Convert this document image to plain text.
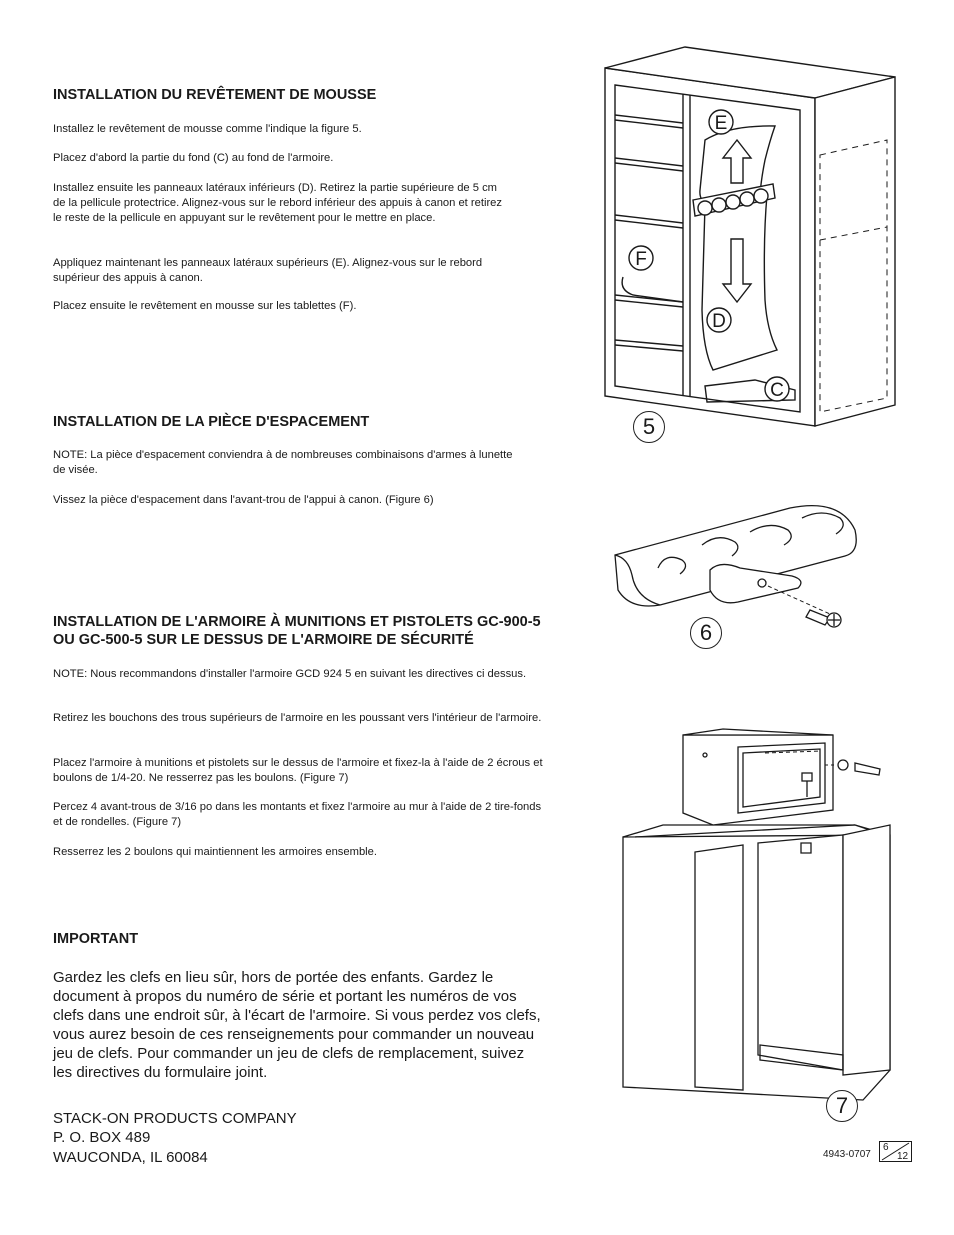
INSTALLATION DU REVÊTEMENT DE MOUSSE

Installez le revêtement de mousse comme l'indique la figure 5.

Placez d'abord la partie du fond (C) au fond de l'armoire.

Installez ensuite les panneaux latéraux inférieurs (D). Retirez la partie supérieure de 5 cm de la pellicule protectrice. Alignez-vous sur le rebord inférieur des appuis à canon et retirez le reste de la pellicule en appuyant sur le revêtement pour le mettre en place.

Appliquez maintenant les panneaux latéraux supérieurs (E). Alignez-vous sur le rebord supérieur des appuis à canon.

Placez ensuite le revêtement en mousse sur les tablettes (F).

INSTALLATION DE LA PIÈCE D'ESPACEMENT

NOTE: La pièce d'espacement conviendra à de nombreuses combinaisons d'armes à lunette de visée.

Vissez la pièce d'espacement dans l'avant-trou de l'appui à canon. (Figure 6)

INSTALLATION DE L'ARMOIRE À MUNITIONS ET PISTOLETS GC-900-5 OU GC-500-5 SUR LE DESSUS DE L'ARMOIRE DE SÉCURITÉ

NOTE: Nous recommandons d'installer l'armoire GCD 924 5 en suivant les directives ci dessus.

Retirez les bouchons des trous supérieurs de l'armoire en les poussant vers l'intérieur de l'armoire.

Placez l'armoire à munitions et pistolets sur le dessus de l'armoire et fixez-la à l'aide de 2 écrous et boulons de 1/4-20. Ne resserrez pas les boulons. (Figure 7)

Percez 4 avant-trous de 3/16 po dans les montants et fixez l'armoire au mur à l'aide de 2 tire-fonds et de rondelles. (Figure 7)

Resserrez les 2 boulons qui maintiennent les armoires ensemble.

IMPORTANT

Gardez les clefs en lieu sûr, hors de portée des enfants. Gardez le document à propos du numéro de série et portant les numéros de vos clefs dans une endroit sûr, à l'écart de l'armoire. Si vous perdez vos clefs, vous aurez besoin de ces renseignements pour commander un nouveau jeu de clefs. Pour commander un jeu de clefs de remplacement, suivez les directives du formulaire joint.

STACK-ON PRODUCTS COMPANY
P. O. BOX 489
WAUCONDA, IL 60084
E
F
D
C
5
6
7
4943-0707
6
12
